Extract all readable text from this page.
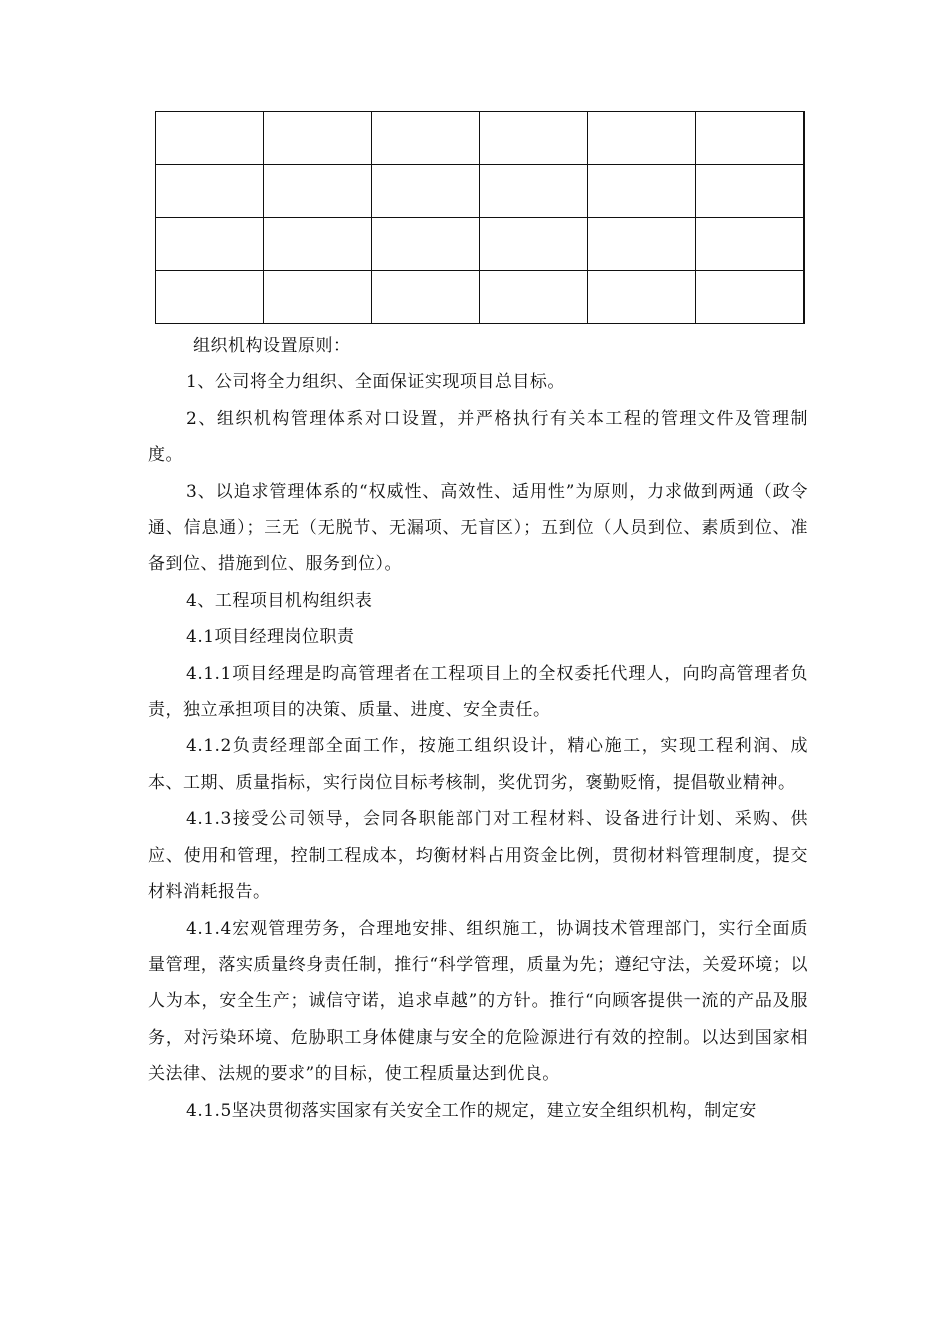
组织机构设置原则：

1、公司将全力组织、全面保证实现项目总目标。

2、组织机构管理体系对口设置，并严格执行有关本工程的管理文件及管理制度。

3、以追求管理体系的“权威性、高效性、适用性”为原则，力求做到两通（政令通、信息通）；三无（无脱节、无漏项、无盲区）；五到位（人员到位、素质到位、准备到位、措施到位、服务到位）。

4、工程项目机构组织表

4.1项目经理岗位职责

4.1.1项目经理是昀高管理者在工程项目上的全权委托代理人，向昀高管理者负责，独立承担项目的决策、质量、进度、安全责任。

4.1.2负责经理部全面工作，按施工组织设计，精心施工，实现工程利润、成本、工期、质量指标，实行岗位目标考核制，奖优罚劣，褒勤贬惰，提倡敬业精神。

4.1.3接受公司领导，会同各职能部门对工程材料、设备进行计划、采购、供应、使用和管理，控制工程成本，均衡材料占用资金比例，贯彻材料管理制度，提交材料消耗报告。

4.1.4宏观管理劳务，合理地安排、组织施工，协调技术管理部门，实行全面质量管理，落实质量终身责任制，推行“科学管理，质量为先；遵纪守法，关爱环境；以人为本，安全生产；诚信守诺，追求卓越”的方针。推行“向顾客提供一流的产品及服务，对污染环境、危胁职工身体健康与安全的危险源进行有效的控制。以达到国家相关法律、法规的要求”的目标，使工程质量达到优良。

4.1.5坚决贯彻落实国家有关安全工作的规定，建立安全组织机构，制定安
